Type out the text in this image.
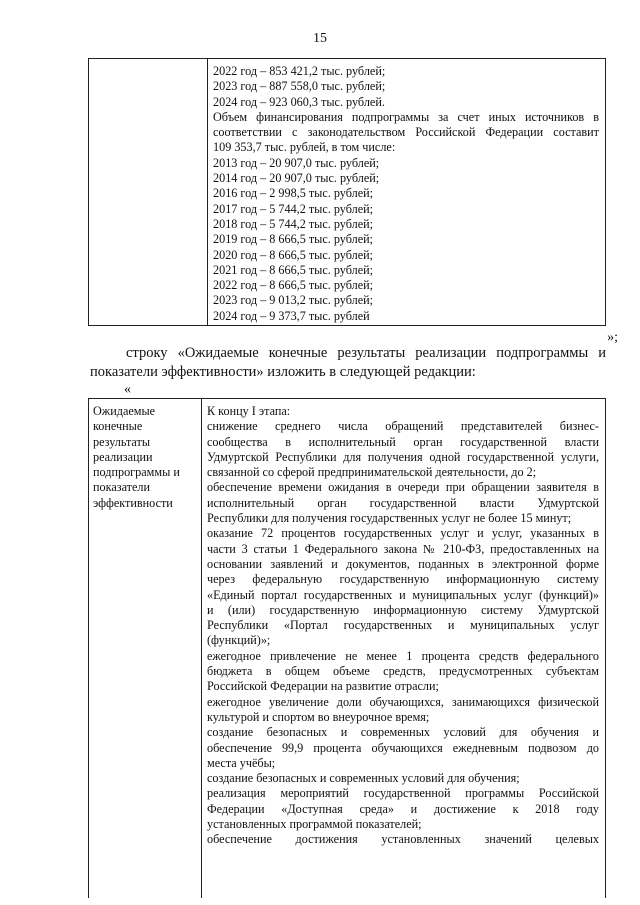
15
2022 год – 853 421,2 тыс. рублей;
2023 год – 887 558,0 тыс. рублей;
2024 год – 923 060,3 тыс. рублей.
Объем финансирования подпрограммы за счет иных источников в
соответствии с законодательством Российской Федерации составит
109 353,7 тыс. рублей, в том числе:
2013 год – 20 907,0 тыс. рублей;
2014 год – 20 907,0 тыс. рублей;
2016 год – 2 998,5 тыс. рублей;
2017 год – 5 744,2 тыс. рублей;
2018 год – 5 744,2 тыс. рублей;
2019 год – 8 666,5 тыс. рублей;
2020 год – 8 666,5 тыс. рублей;
2021 год – 8 666,5 тыс. рублей;
2022 год – 8 666,5 тыс. рублей;
2023 год – 9 013,2 тыс. рублей;
2024 год – 9 373,7 тыс. рублей
»;
строку «Ожидаемые конечные результаты реализации подпрограммы и
показатели эффективности» изложить в следующей редакции:
«
Ожидаемые
конечные
результаты
реализации
подпрограммы и
показатели
эффективности
К концу I этапа:
снижение среднего числа обращений представителей бизнес-
сообщества в исполнительный орган государственной власти
Удмуртской Республики для получения одной государственной услуги,
связанной со сферой предпринимательской деятельности, до 2;
обеспечение времени ожидания в очереди при обращении заявителя в
исполнительный орган государственной власти Удмуртской
Республики для получения государственных услуг не более 15 минут;
оказание 72 процентов государственных услуг и услуг, указанных в
части 3 статьи 1 Федерального закона № 210-ФЗ, предоставленных на
основании заявлений и документов, поданных в электронной форме
через федеральную государственную информационную систему
«Единый портал государственных и муниципальных услуг (функций)»
и (или) государственную информационную систему Удмуртской
Республики «Портал государственных и муниципальных услуг
(функций)»;
ежегодное привлечение не менее 1 процента средств федерального
бюджета в общем объеме средств, предусмотренных субъектам
Российской Федерации на развитие отрасли;
ежегодное увеличение доли обучающихся, занимающихся физической
культурой и спортом во внеурочное время;
создание безопасных и современных условий для обучения и
обеспечение 99,9 процента обучающихся ежедневным подвозом до
места учёбы;
создание безопасных и современных условий для обучения;
реализация мероприятий государственной программы Российской
Федерации «Доступная среда» и достижение к 2018 году
установленных программой показателей;
обеспечение достижения установленных значений целевых
